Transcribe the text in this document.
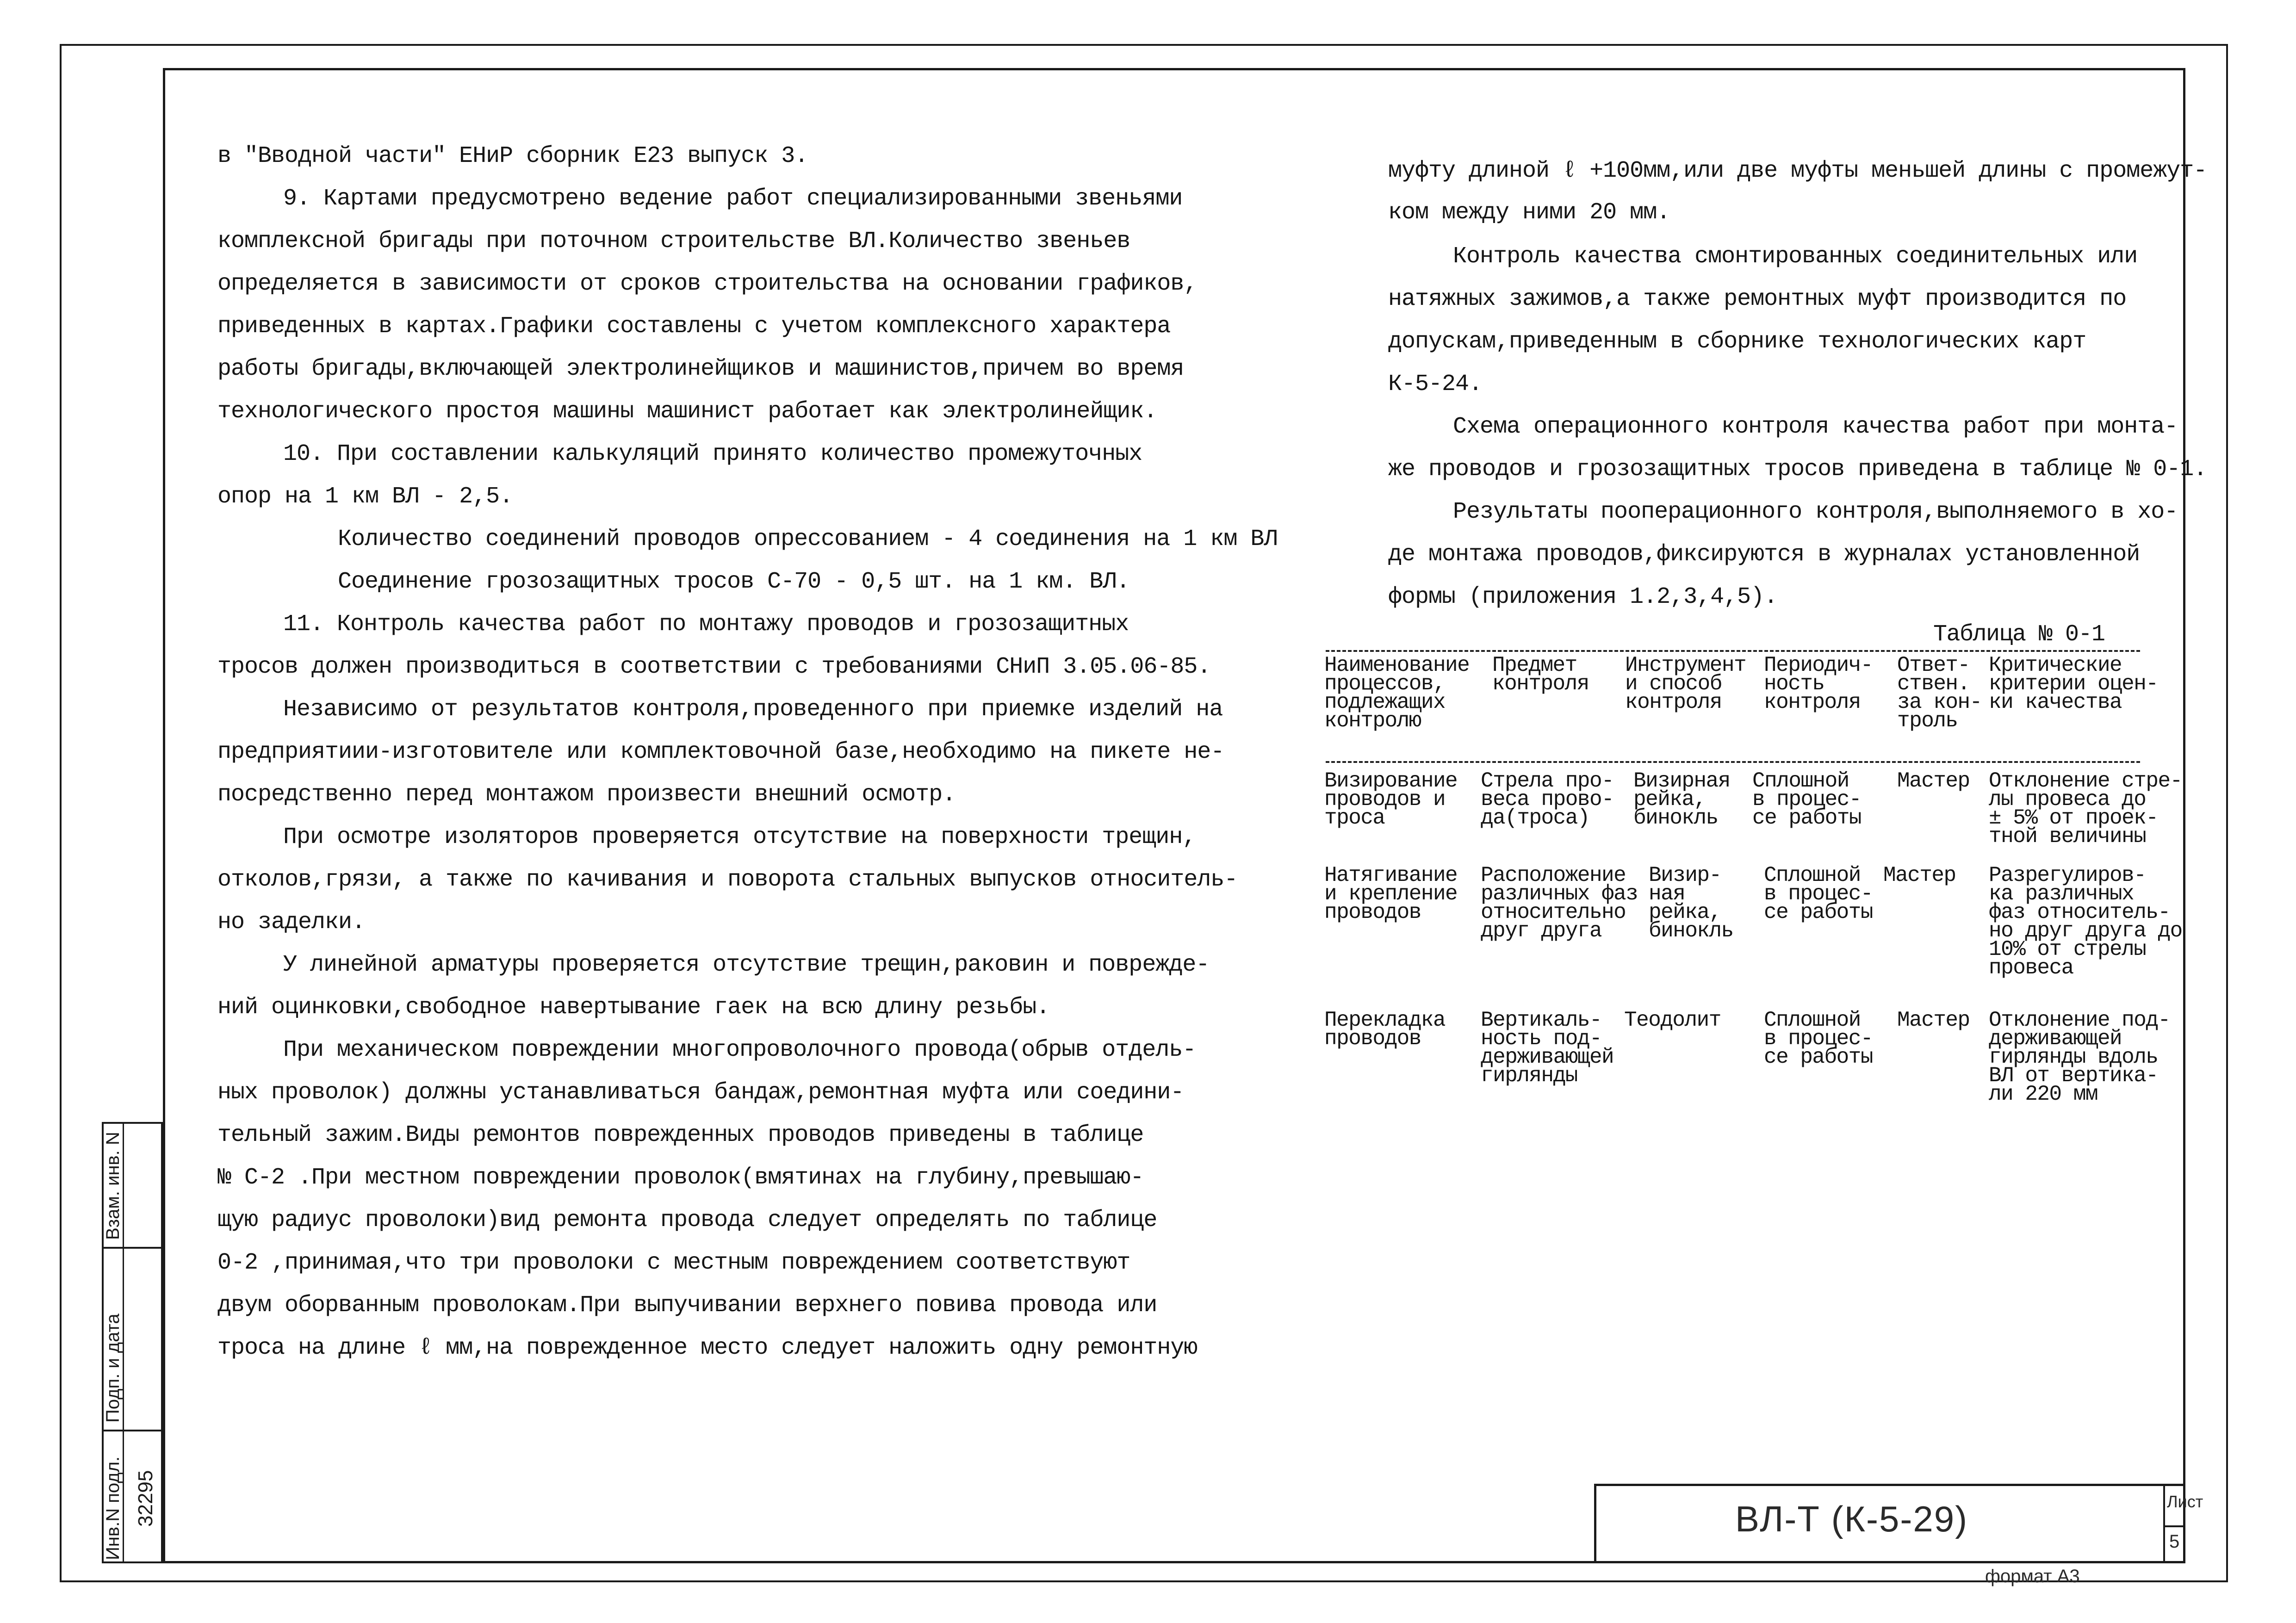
в "Вводной части" ЕНиР сборник Е23 выпуск 3.
9. Картами предусмотрено ведение работ специализированными звеньями
комплексной бригады при поточном строительстве ВЛ.Количество звеньев
определяется в зависимости от сроков строительства на основании графиков,
приведенных в картах.Графики составлены с учетом комплексного характера
работы бригады,включающей электролинейщиков и машинистов,причем во время
технологического простоя машины машинист работает как электролинейщик.
10. При составлении калькуляций принято количество промежуточных
опор на 1 км ВЛ - 2,5.
Количество соединений проводов опрессованием - 4 соединения на 1 км ВЛ
Соединение грозозащитных тросов С-70 - 0,5 шт. на 1 км. ВЛ.
11. Контроль качества работ по монтажу проводов и грозозащитных
тросов должен производиться в соответствии с требованиями СНиП 3.05.06-85.
Независимо от результатов контроля,проведенного при приемке изделий на
предприятиии-изготовителе или комплектовочной базе,необходимо на пикете не-
посредственно перед монтажом произвести внешний осмотр.
При осмотре изоляторов проверяется отсутствие на поверхности трещин,
отколов,грязи, а также по качивания и поворота стальных выпусков относитель-
но заделки.
У линейной арматуры проверяется отсутствие трещин,раковин и поврежде-
ний оцинковки,свободное навертывание гаек на всю длину резьбы.
При механическом повреждении многопроволочного провода(обрыв отдель-
ных проволок) должны устанавливаться бандаж,ремонтная муфта или соедини-
тельный зажим.Виды ремонтов поврежденных проводов приведены в таблице
№ С-2 .При местном повреждении проволок(вмятинах на глубину,превышаю-
щую радиус проволоки)вид ремонта провода следует определять по таблице
0-2 ,принимая,что три проволоки с местным повреждением соответствуют
двум оборванным проволокам.При выпучивании верхнего повива провода или
троса на длине ℓ мм,на поврежденное место следует наложить одну ремонтную
муфту длиной ℓ +100мм,или две муфты меньшей длины с промежут-
ком между ними 20 мм.
Контроль качества смонтированных соединительных или
натяжных зажимов,а также ремонтных муфт производится по
допускам,приведенным в сборнике технологических карт
К-5-24.
Схема операционного контроля качества работ при монта-
же проводов и грозозащитных тросов приведена в таблице № 0-1.
Результаты пооперационного контроля,выполняемого в хо-
де монтажа проводов,фиксируются в журналах установленной
формы (приложения 1.2,3,4,5).
Таблица № 0-1
Наименование
процессов,
подлежащих
контролю
Предмет
контроля
Инструмент
и способ
контроля
Периодич-
ность
контроля
Ответ-
ствен.
за кон-
троль
Критические
критерии оцен-
ки качества
Визирование
проводов и
троса
Стрела про-
веса прово-
да(троса)
Визирная
рейка,
бинокль
Сплошной
в процес-
се работы
Мастер Отклонение стре-
лы провеса до
± 5% от проек-
тной величины
Натягивание
и крепление
проводов
Расположение
различных фаз
относительно
друг друга
Визир-
ная
рейка,
бинокль
Сплошной
в процес-
се работы
Мастер Разрегулиров-
ка различных
фаз относитель-
но друг друга до
10% от стрелы
провеса
Перекладка
проводов
Вертикаль-
ность под-
держивающей
гирлянды
Теодолит Сплошной
в процес-
се работы
Мастер Отклонение под-
держивающей
гирлянды вдоль
ВЛ от вертика-
ли 220 мм
ВЛ-Т (К-5-29)	Лист
5
формат А3
Взам. инв. N
Подп. и дата
Инв.N подл. 32295
